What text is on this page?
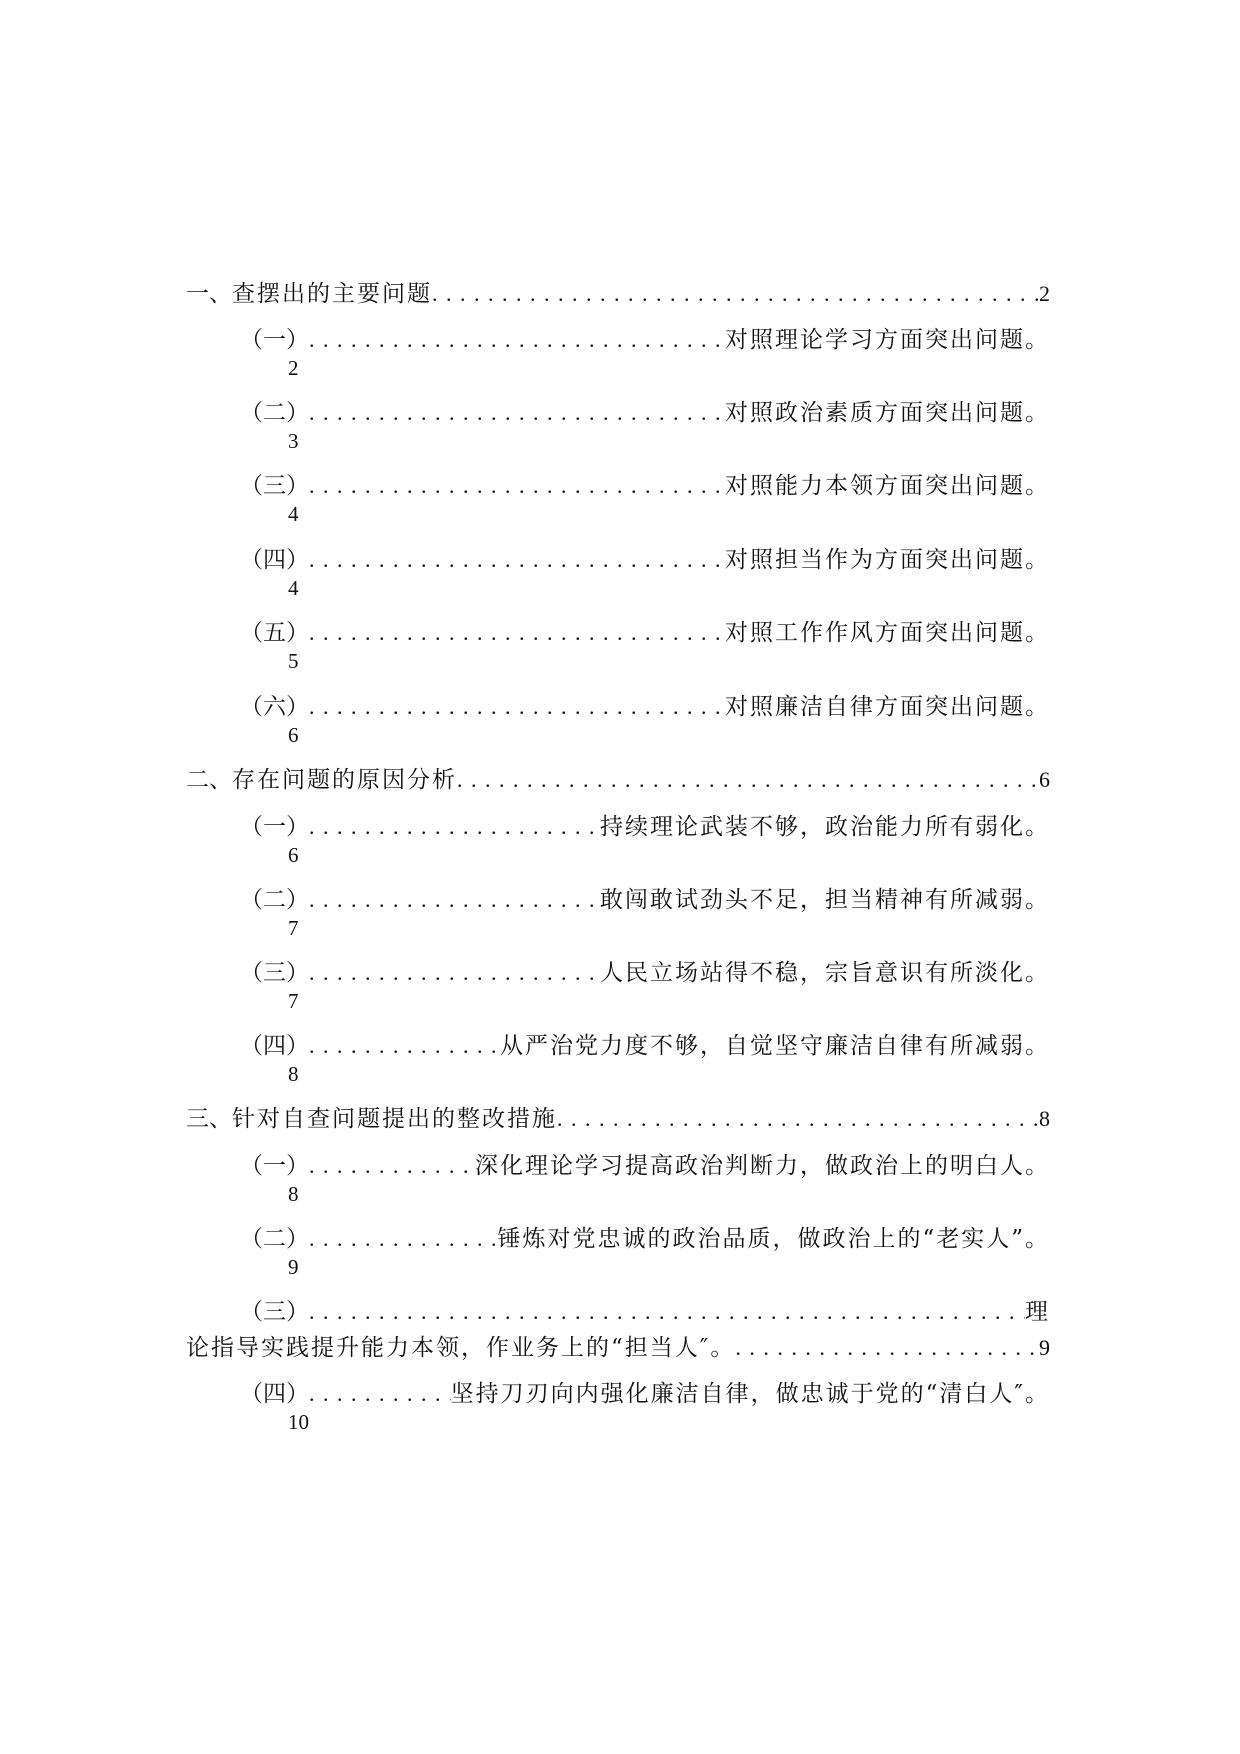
一、 查摆出的主要问题 . . .	2
（一） . . .	对照理论学习方面突出问题。
2
（二） . . .	对照政治素质方面突出问题。
3
（三） . . .	对照能力本领方面突出问题。
4
（四） . . .	对照担当作为方面突出问题。
4
（五） . . .	对照工作作风方面突出问题。
5
（六） . . .	对照廉洁自律方面突出问题。
6
二、 存在问题的原因分析 . . .	6
（一） . . .	持续理论武装不够，政治能力所有弱化。
6
（二） . . .	敢闯敢试劲头不足，担当精神有所减弱。
7
（三） . . .	人民立场站得不稳，宗旨意识有所淡化。
7
（四） . . .	从严治党力度不够，自觉坚守廉洁自律有所减弱。
8
三、 针对自查问题提出的整改措施 . . .	8
（一） . . .	深化理论学习提高政治判断力，做政治上的明白人。
8
（二） . . .	锤炼对党忠诚的政治品质，做政治上的“老实人”。
9
（三） . . .	理
论指导实践提升能力本领，作业务上的“担当人″。 . . .	9
（四） . . .	坚持刀刃向内强化廉洁自律，做忠诚于党的“清白人″。
10
